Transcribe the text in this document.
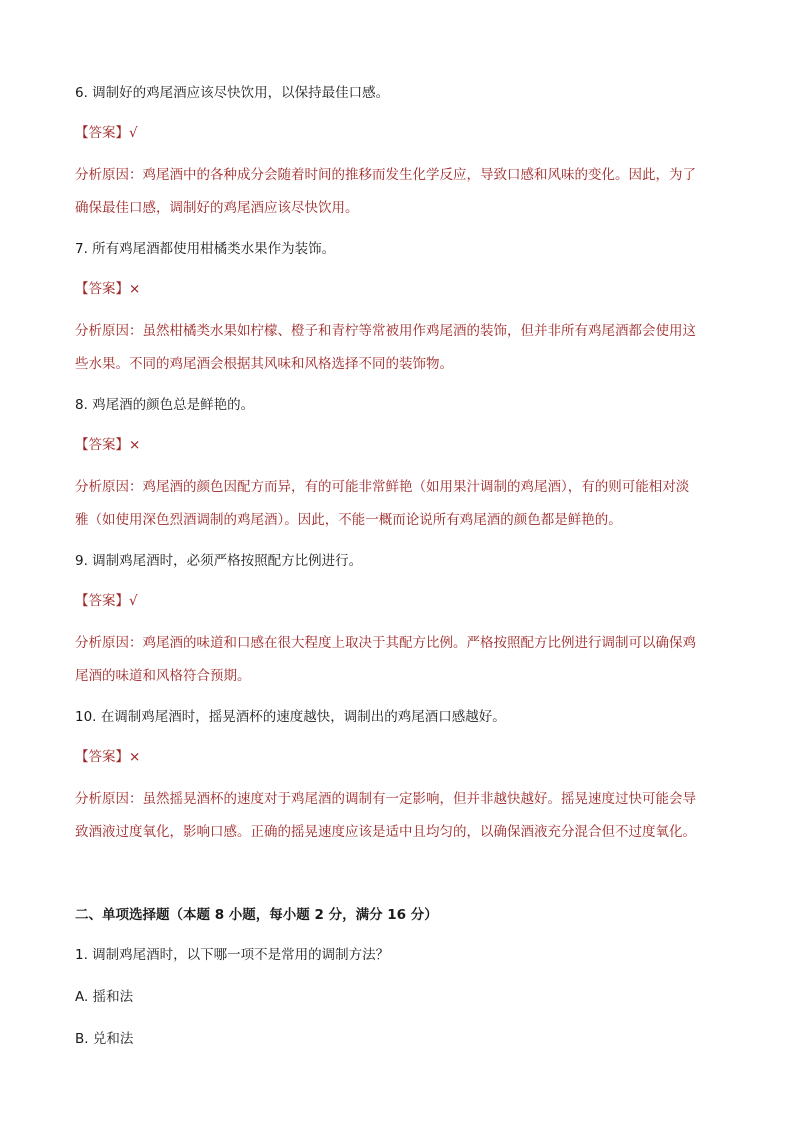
6. 调制好的鸡尾酒应该尽快饮用，以保持最佳口感。
【答案】√
分析原因：鸡尾酒中的各种成分会随着时间的推移而发生化学反应，导致口感和风味的变化。因此，为了
确保最佳口感，调制好的鸡尾酒应该尽快饮用。
7. 所有鸡尾酒都使用柑橘类水果作为装饰。
【答案】×
分析原因：虽然柑橘类水果如柠檬、橙子和青柠等常被用作鸡尾酒的装饰，但并非所有鸡尾酒都会使用这
些水果。不同的鸡尾酒会根据其风味和风格选择不同的装饰物。
8. 鸡尾酒的颜色总是鲜艳的。
【答案】×
分析原因：鸡尾酒的颜色因配方而异，有的可能非常鲜艳（如用果汁调制的鸡尾酒），有的则可能相对淡
雅（如使用深色烈酒调制的鸡尾酒）。因此，不能一概而论说所有鸡尾酒的颜色都是鲜艳的。
9. 调制鸡尾酒时，必须严格按照配方比例进行。
【答案】√
分析原因：鸡尾酒的味道和口感在很大程度上取决于其配方比例。严格按照配方比例进行调制可以确保鸡
尾酒的味道和风格符合预期。
10. 在调制鸡尾酒时，摇晃酒杯的速度越快，调制出的鸡尾酒口感越好。
【答案】×
分析原因：虽然摇晃酒杯的速度对于鸡尾酒的调制有一定影响，但并非越快越好。摇晃速度过快可能会导
致酒液过度氧化，影响口感。正确的摇晃速度应该是适中且均匀的，以确保酒液充分混合但不过度氧化。
二、单项选择题（本题 8 小题，每小题 2 分，满分 16 分）
1. 调制鸡尾酒时，以下哪一项不是常用的调制方法？
A. 摇和法
B. 兑和法
